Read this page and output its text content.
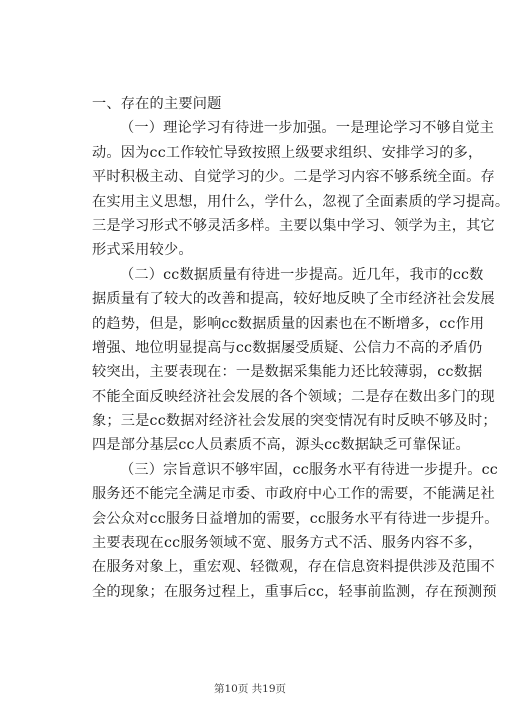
一、存在的主要问题
（一）理论学习有待进一步加强。一是理论学习不够自觉主
动。因为cc工作较忙导致按照上级要求组织、安排学习的多，
平时积极主动、自觉学习的少。二是学习内容不够系统全面。存
在实用主义思想，用什么，学什么，忽视了全面素质的学习提高。
三是学习形式不够灵活多样。主要以集中学习、领学为主，其它
形式采用较少。
（二）cc数据质量有待进一步提高。近几年，我市的cc数
据质量有了较大的改善和提高，较好地反映了全市经济社会发展
的趋势，但是，影响cc数据质量的因素也在不断增多，cc作用
增强、地位明显提高与cc数据屡受质疑、公信力不高的矛盾仍
较突出，主要表现在：一是数据采集能力还比较薄弱，cc数据
不能全面反映经济社会发展的各个领域；二是存在数出多门的现
象；三是cc数据对经济社会发展的突变情况有时反映不够及时；
四是部分基层cc人员素质不高，源头cc数据缺乏可靠保证。
（三）宗旨意识不够牢固，cc服务水平有待进一步提升。cc
服务还不能完全满足市委、市政府中心工作的需要，不能满足社
会公众对cc服务日益增加的需要，cc服务水平有待进一步提升。
主要表现在cc服务领域不宽、服务方式不活、服务内容不多，
在服务对象上，重宏观、轻微观，存在信息资料提供涉及范围不
全的现象；在服务过程上，重事后cc，轻事前监测，存在预测预
第10页 共19页
